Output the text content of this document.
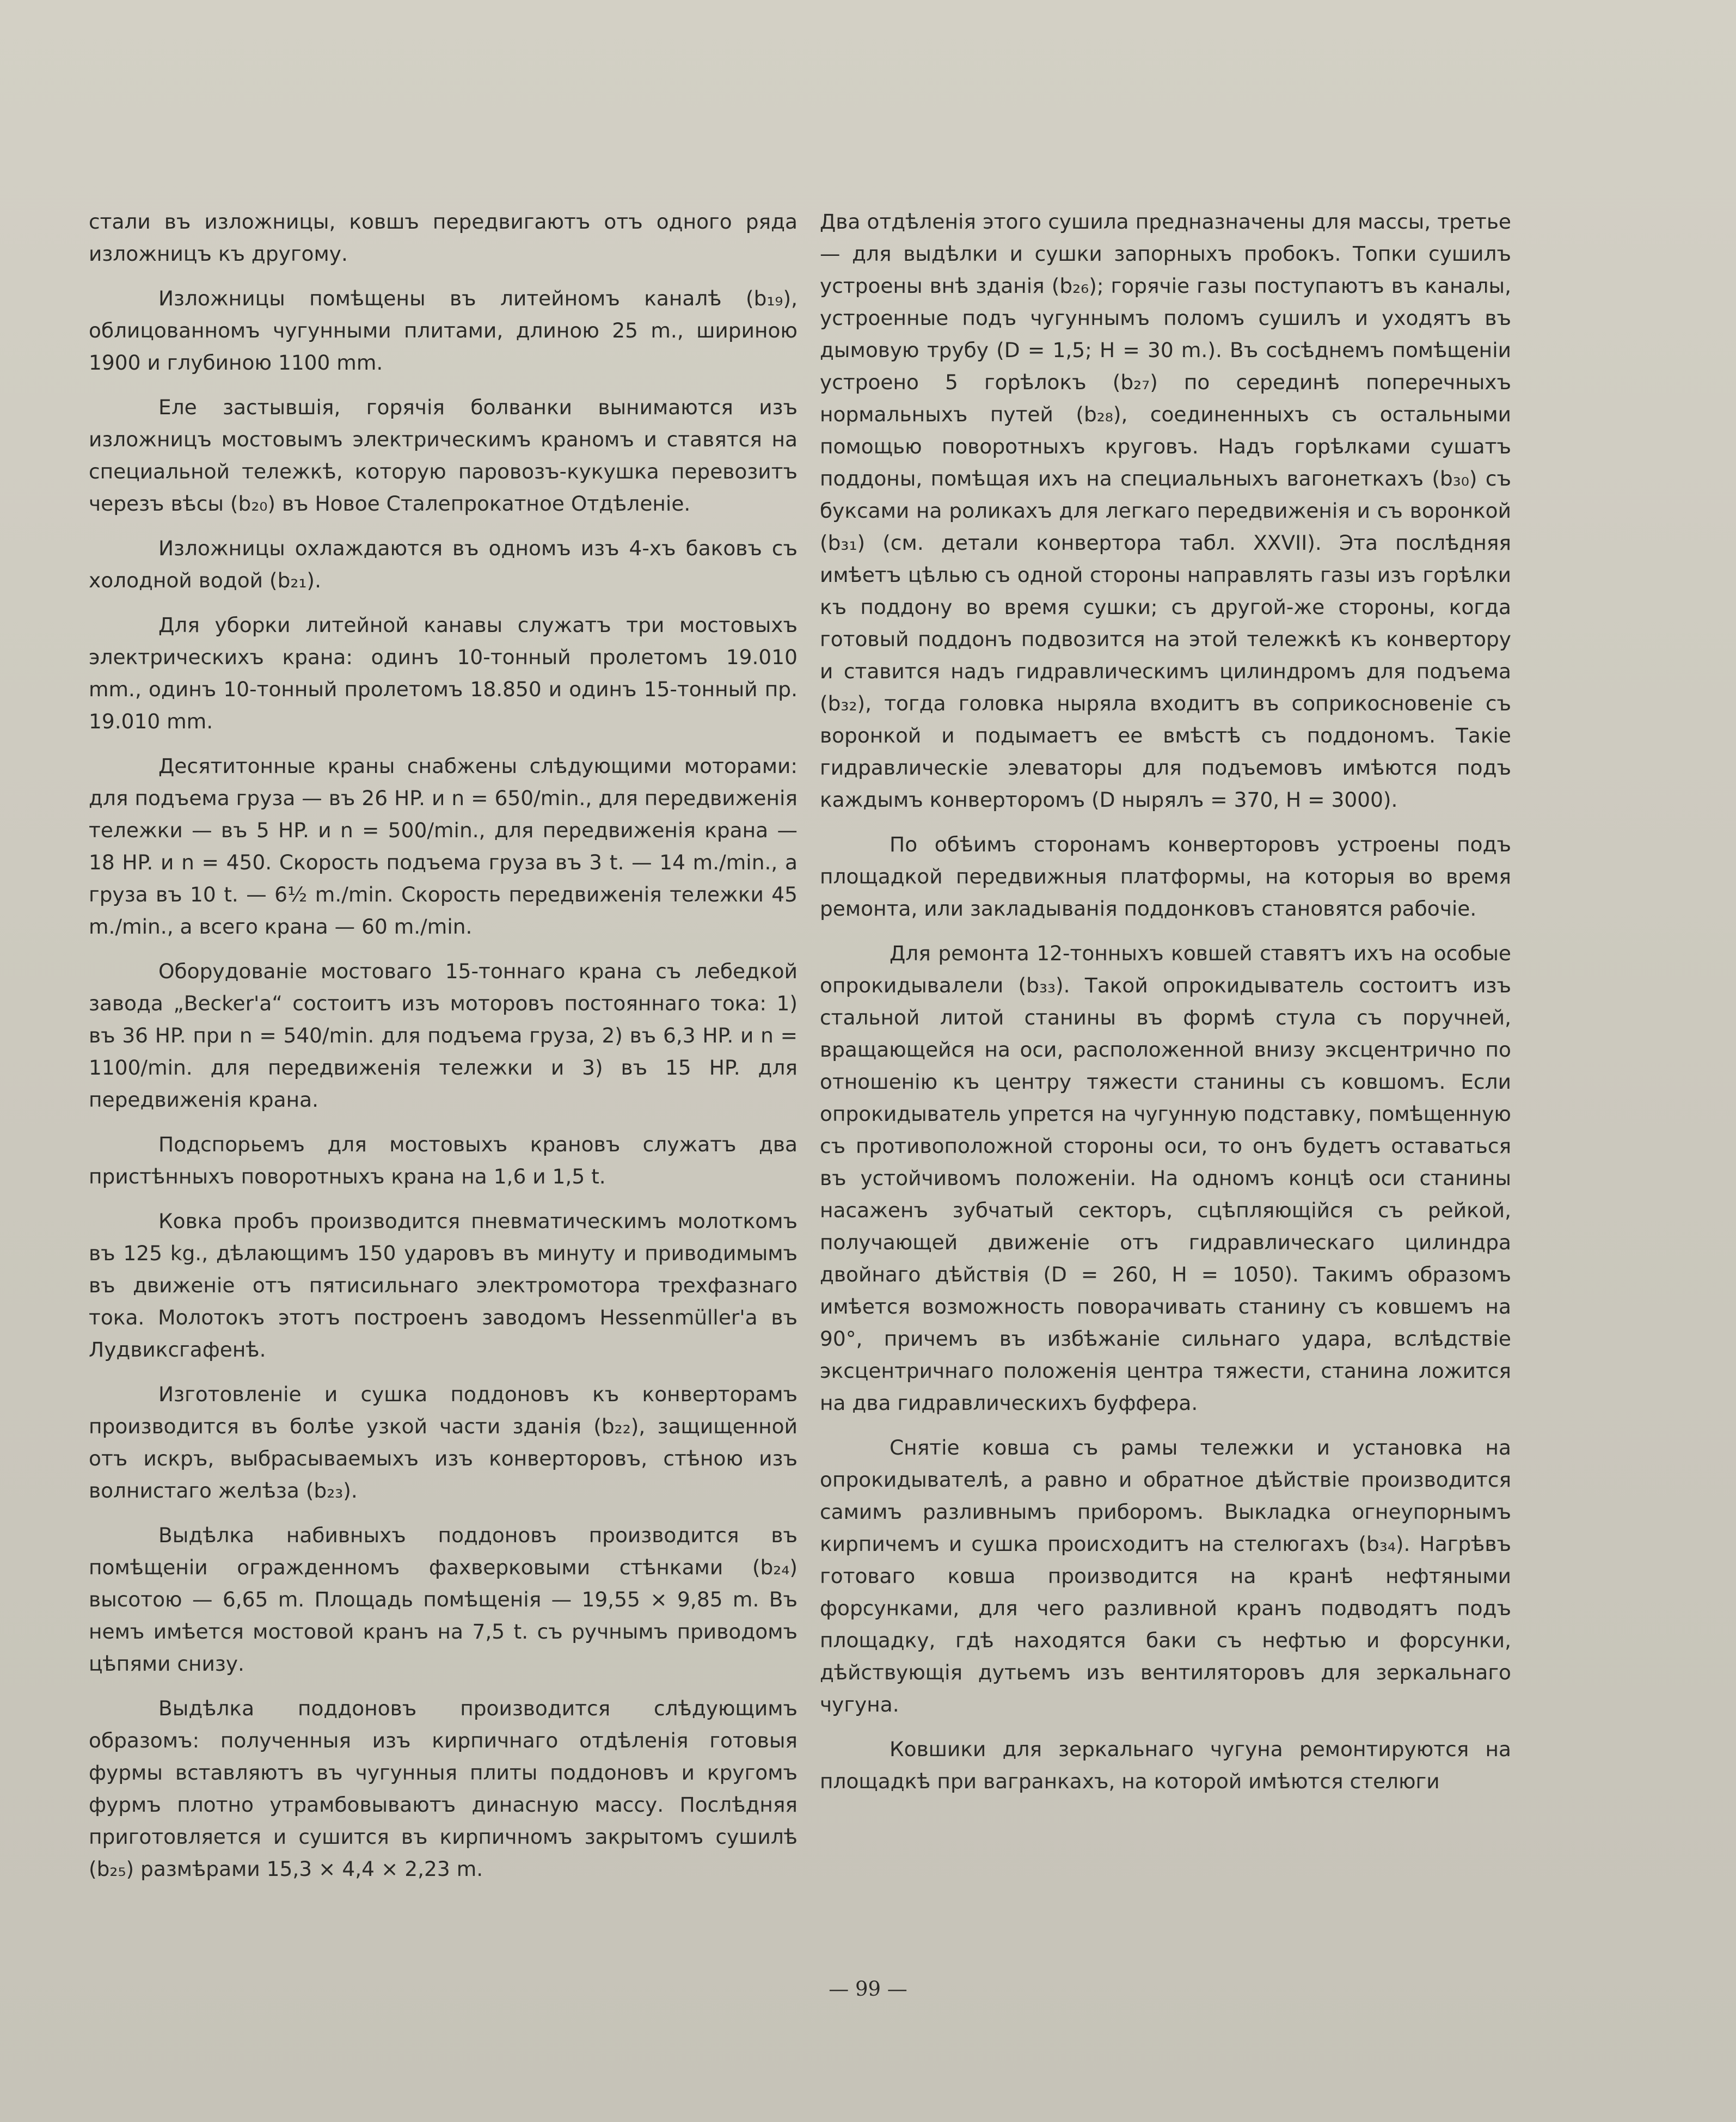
стали въ изложницы, ковшъ передвигаютъ отъ одного ряда изложницъ къ другому.

Изложницы помѣщены въ литейномъ каналѣ (b₁₉), облицованномъ чугунными плитами, длиною 25 m., шириною 1900 и глубиною 1100 mm.

Еле застывшія, горячія болванки вынимаются изъ изложницъ мостовымъ электрическимъ краномъ и ставятся на специальной тележкѣ, которую паровозъ-кукушка перевозитъ черезъ вѣсы (b₂₀) въ Новое Сталепрокатное Отдѣленіе.

Изложницы охлаждаются въ одномъ изъ 4-хъ баковъ съ холодной водой (b₂₁).

Для уборки литейной канавы служатъ три мостовыхъ электрическихъ крана: одинъ 10-тонный пролетомъ 19.010 mm., одинъ 10-тонный пролетомъ 18.850 и одинъ 15-тонный пр. 19.010 mm.

Десятитонные краны снабжены слѣдующими моторами: для подъема груза — въ 26 HP. и n = 650/min., для передвиженія тележки — въ 5 HP. и n = 500/min., для передвиженія крана — 18 HP. и n = 450. Скорость подъема груза въ 3 t. — 14 m./min., а груза въ 10 t. — 6½ m./min. Скорость передвиженія тележки 45 m./min., а всего крана — 60 m./min.

Оборудованіе мостоваго 15-тоннаго крана съ лебедкой завода „Becker'a“ состоитъ изъ моторовъ постояннаго тока: 1) въ 36 HP. при n = 540/min. для подъема груза, 2) въ 6,3 HP. и n = 1100/min. для передвиженія тележки и 3) въ 15 HP. для передвиженія крана.

Подспорьемъ для мостовыхъ крановъ служатъ два пристѣнныхъ поворотныхъ крана на 1,6 и 1,5 t.

Ковка пробъ производится пневматическимъ молоткомъ въ 125 kg., дѣлающимъ 150 ударовъ въ минуту и приводимымъ въ движеніе отъ пятисильнаго электромотора трехфазнаго тока. Молотокъ этотъ построенъ заводомъ Hessenmüller'a въ Лудвиксгафенѣ.

Изготовленіе и сушка поддоновъ къ конверторамъ производится въ болѣе узкой части зданія (b₂₂), защищенной отъ искръ, выбрасываемыхъ изъ конверторовъ, стѣною изъ волнистаго желѣза (b₂₃).

Выдѣлка набивныхъ поддоновъ производится въ помѣщеніи огражденномъ фахверковыми стѣнками (b₂₄) высотою — 6,65 m. Площадь помѣщенія — 19,55 × 9,85 m. Въ немъ имѣется мостовой кранъ на 7,5 t. съ ручнымъ приводомъ цѣпями снизу.

Выдѣлка поддоновъ производится слѣдующимъ образомъ: полученныя изъ кирпичнаго отдѣленія готовыя фурмы вставляютъ въ чугунныя плиты поддоновъ и кругомъ фурмъ плотно утрамбовываютъ динасную массу. Послѣдняя приготовляется и сушится въ кирпичномъ закрытомъ сушилѣ (b₂₅) размѣрами 15,3 × 4,4 × 2,23 m.

Два отдѣленія этого сушила предназначены для массы, третье — для выдѣлки и сушки запорныхъ пробокъ. Топки сушилъ устроены внѣ зданія (b₂₆); горячіе газы поступаютъ въ каналы, устроенные подъ чугуннымъ поломъ сушилъ и уходятъ въ дымовую трубу (D = 1,5; H = 30 m.). Въ сосѣднемъ помѣщеніи устроено 5 горѣлокъ (b₂₇) по серединѣ поперечныхъ нормальныхъ путей (b₂₈), соединенныхъ съ остальными помощью поворотныхъ круговъ. Надъ горѣлками сушатъ поддоны, помѣщая ихъ на специальныхъ вагонеткахъ (b₃₀) съ буксами на роликахъ для легкаго передвиженія и съ воронкой (b₃₁) (см. детали конвертора табл. XXVII). Эта послѣдняя имѣетъ цѣлью съ одной стороны направлять газы изъ горѣлки къ поддону во время сушки; съ другой-же стороны, когда готовый поддонъ подвозится на этой тележкѣ къ конвертору и ставится надъ гидравлическимъ цилиндромъ для подъема (b₃₂), тогда головка нырялa входитъ въ соприкосновеніе съ воронкой и подымаетъ ее вмѣстѣ съ поддономъ. Такіе гидравлическіе элеваторы для подъемовъ имѣются подъ каждымъ конверторомъ (D нырялъ = 370, H = 3000).

По обѣимъ сторонамъ конверторовъ устроены подъ площадкой передвижныя платформы, на которыя во время ремонта, или закладыванія поддонковъ становятся рабочіе.

Для ремонта 12-тонныхъ ковшей ставятъ ихъ на особые опрокидывалели (b₃₃). Такой опрокидыватель состоитъ изъ стальной литой станины въ формѣ стула съ поручней, вращающейся на оси, расположенной внизу эксцентрично по отношенію къ центру тяжести станины съ ковшомъ. Если опрокидыватель упрется на чугунную подставку, помѣщенную съ противоположной стороны оси, то онъ будетъ оставаться въ устойчивомъ положеніи. На одномъ концѣ оси станины насаженъ зубчатый секторъ, сцѣпляющійся съ рейкой, получающей движеніе отъ гидравлическаго цилиндра двойнаго дѣйствія (D = 260, H = 1050). Такимъ образомъ имѣется возможность поворачивать станину съ ковшемъ на 90°, причемъ въ избѣжаніе сильнаго удара, вслѣдствіе эксцентричнаго положенія центра тяжести, станина ложится на два гидравлическихъ буффера.

Снятіе ковша съ рамы тележки и установка на опрокидывателѣ, а равно и обратное дѣйствіе производится самимъ разливнымъ приборомъ. Выкладка огнеупорнымъ кирпичемъ и сушка происходитъ на стелюгахъ (b₃₄). Нагрѣвъ готоваго ковша производится на кранѣ нефтяными форсунками, для чего разливной кранъ подводятъ подъ площадку, гдѣ находятся баки съ нефтью и форсунки, дѣйствующія дутьемъ изъ вентиляторовъ для зеркальнаго чугуна.

Ковшики для зеркальнаго чугуна ремонтируются на площадкѣ при вагранкахъ, на которой имѣются стелюги

— 99 —
